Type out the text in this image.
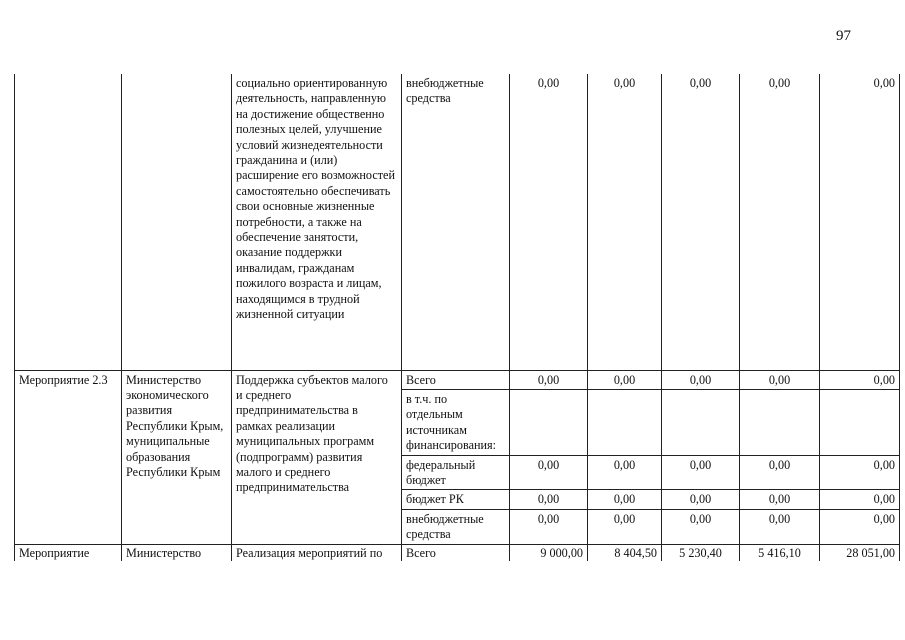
97
		социально ориентированную деятельность, направленную на достижение общественно полезных целей, улучшение условий жизнедеятельности гражданина и (или) расширение его возможностей самостоятельно обеспечивать свои основные жизненные потребности, а также на обеспечение занятости, оказание поддержки инвалидам, гражданам пожилого возраста и лицам, находящимся в трудной жизненной ситуации	внебюджетные средства	0,00	0,00	0,00	0,00	0,00
Мероприятие 2.3	Министерство экономического развития Республики Крым, муниципальные образования Республики Крым	Поддержка субъектов малого и среднего предпринимательства в рамках реализации муниципальных программ (подпрограмм) развития малого и среднего предпринимательства	Всего	0,00	0,00	0,00	0,00	0,00
			в т.ч. по отдельным источникам финансирования:					
			федеральный бюджет	0,00	0,00	0,00	0,00	0,00
			бюджет РК	0,00	0,00	0,00	0,00	0,00
			внебюджетные средства	0,00	0,00	0,00	0,00	0,00
Мероприятие	Министерство	Реализация мероприятий по	Всего	9 000,00	8 404,50	5 230,40	5 416,10	28 051,00
